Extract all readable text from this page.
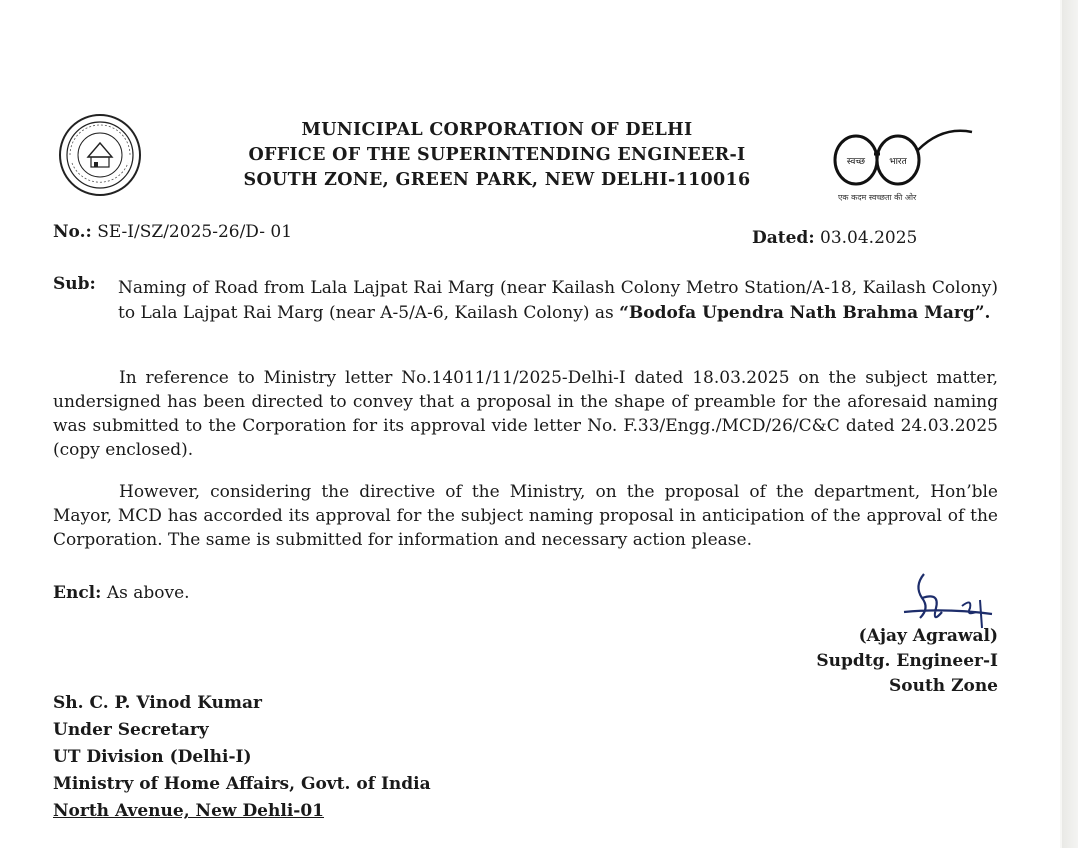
स्वच्छ	भारत
एक कदम स्वच्छता की ओर
MUNICIPAL CORPORATION OF DELHI
OFFICE OF THE SUPERINTENDING ENGINEER-I
SOUTH ZONE, GREEN PARK, NEW DELHI-110016
No.: SE-I/SZ/2025-26/D- 01	Dated: 03.04.2025
Sub: Naming of Road from Lala Lajpat Rai Marg (near Kailash Colony Metro Station/A-18, Kailash Colony) to Lala Lajpat Rai Marg (near A-5/A-6, Kailash Colony) as “Bodofa Upendra Nath Brahma Marg”.
In reference to Ministry letter No.14011/11/2025-Delhi-I dated 18.03.2025 on the subject matter, undersigned has been directed to convey that a proposal in the shape of preamble for the aforesaid naming was submitted to the Corporation for its approval vide letter No. F.33/Engg./MCD/26/C&C dated 24.03.2025 (copy enclosed).
However, considering the directive of the Ministry, on the proposal of the department, Hon’ble Mayor, MCD has accorded its approval for the subject naming proposal in anticipation of the approval of the Corporation. The same is submitted for information and necessary action please.
Encl: As above.
(Ajay Agrawal)
Supdtg. Engineer-I
South Zone
Sh. C. P. Vinod Kumar
Under Secretary
UT Division (Delhi-I)
Ministry of Home Affairs, Govt. of India
North Avenue, New Dehli-01
